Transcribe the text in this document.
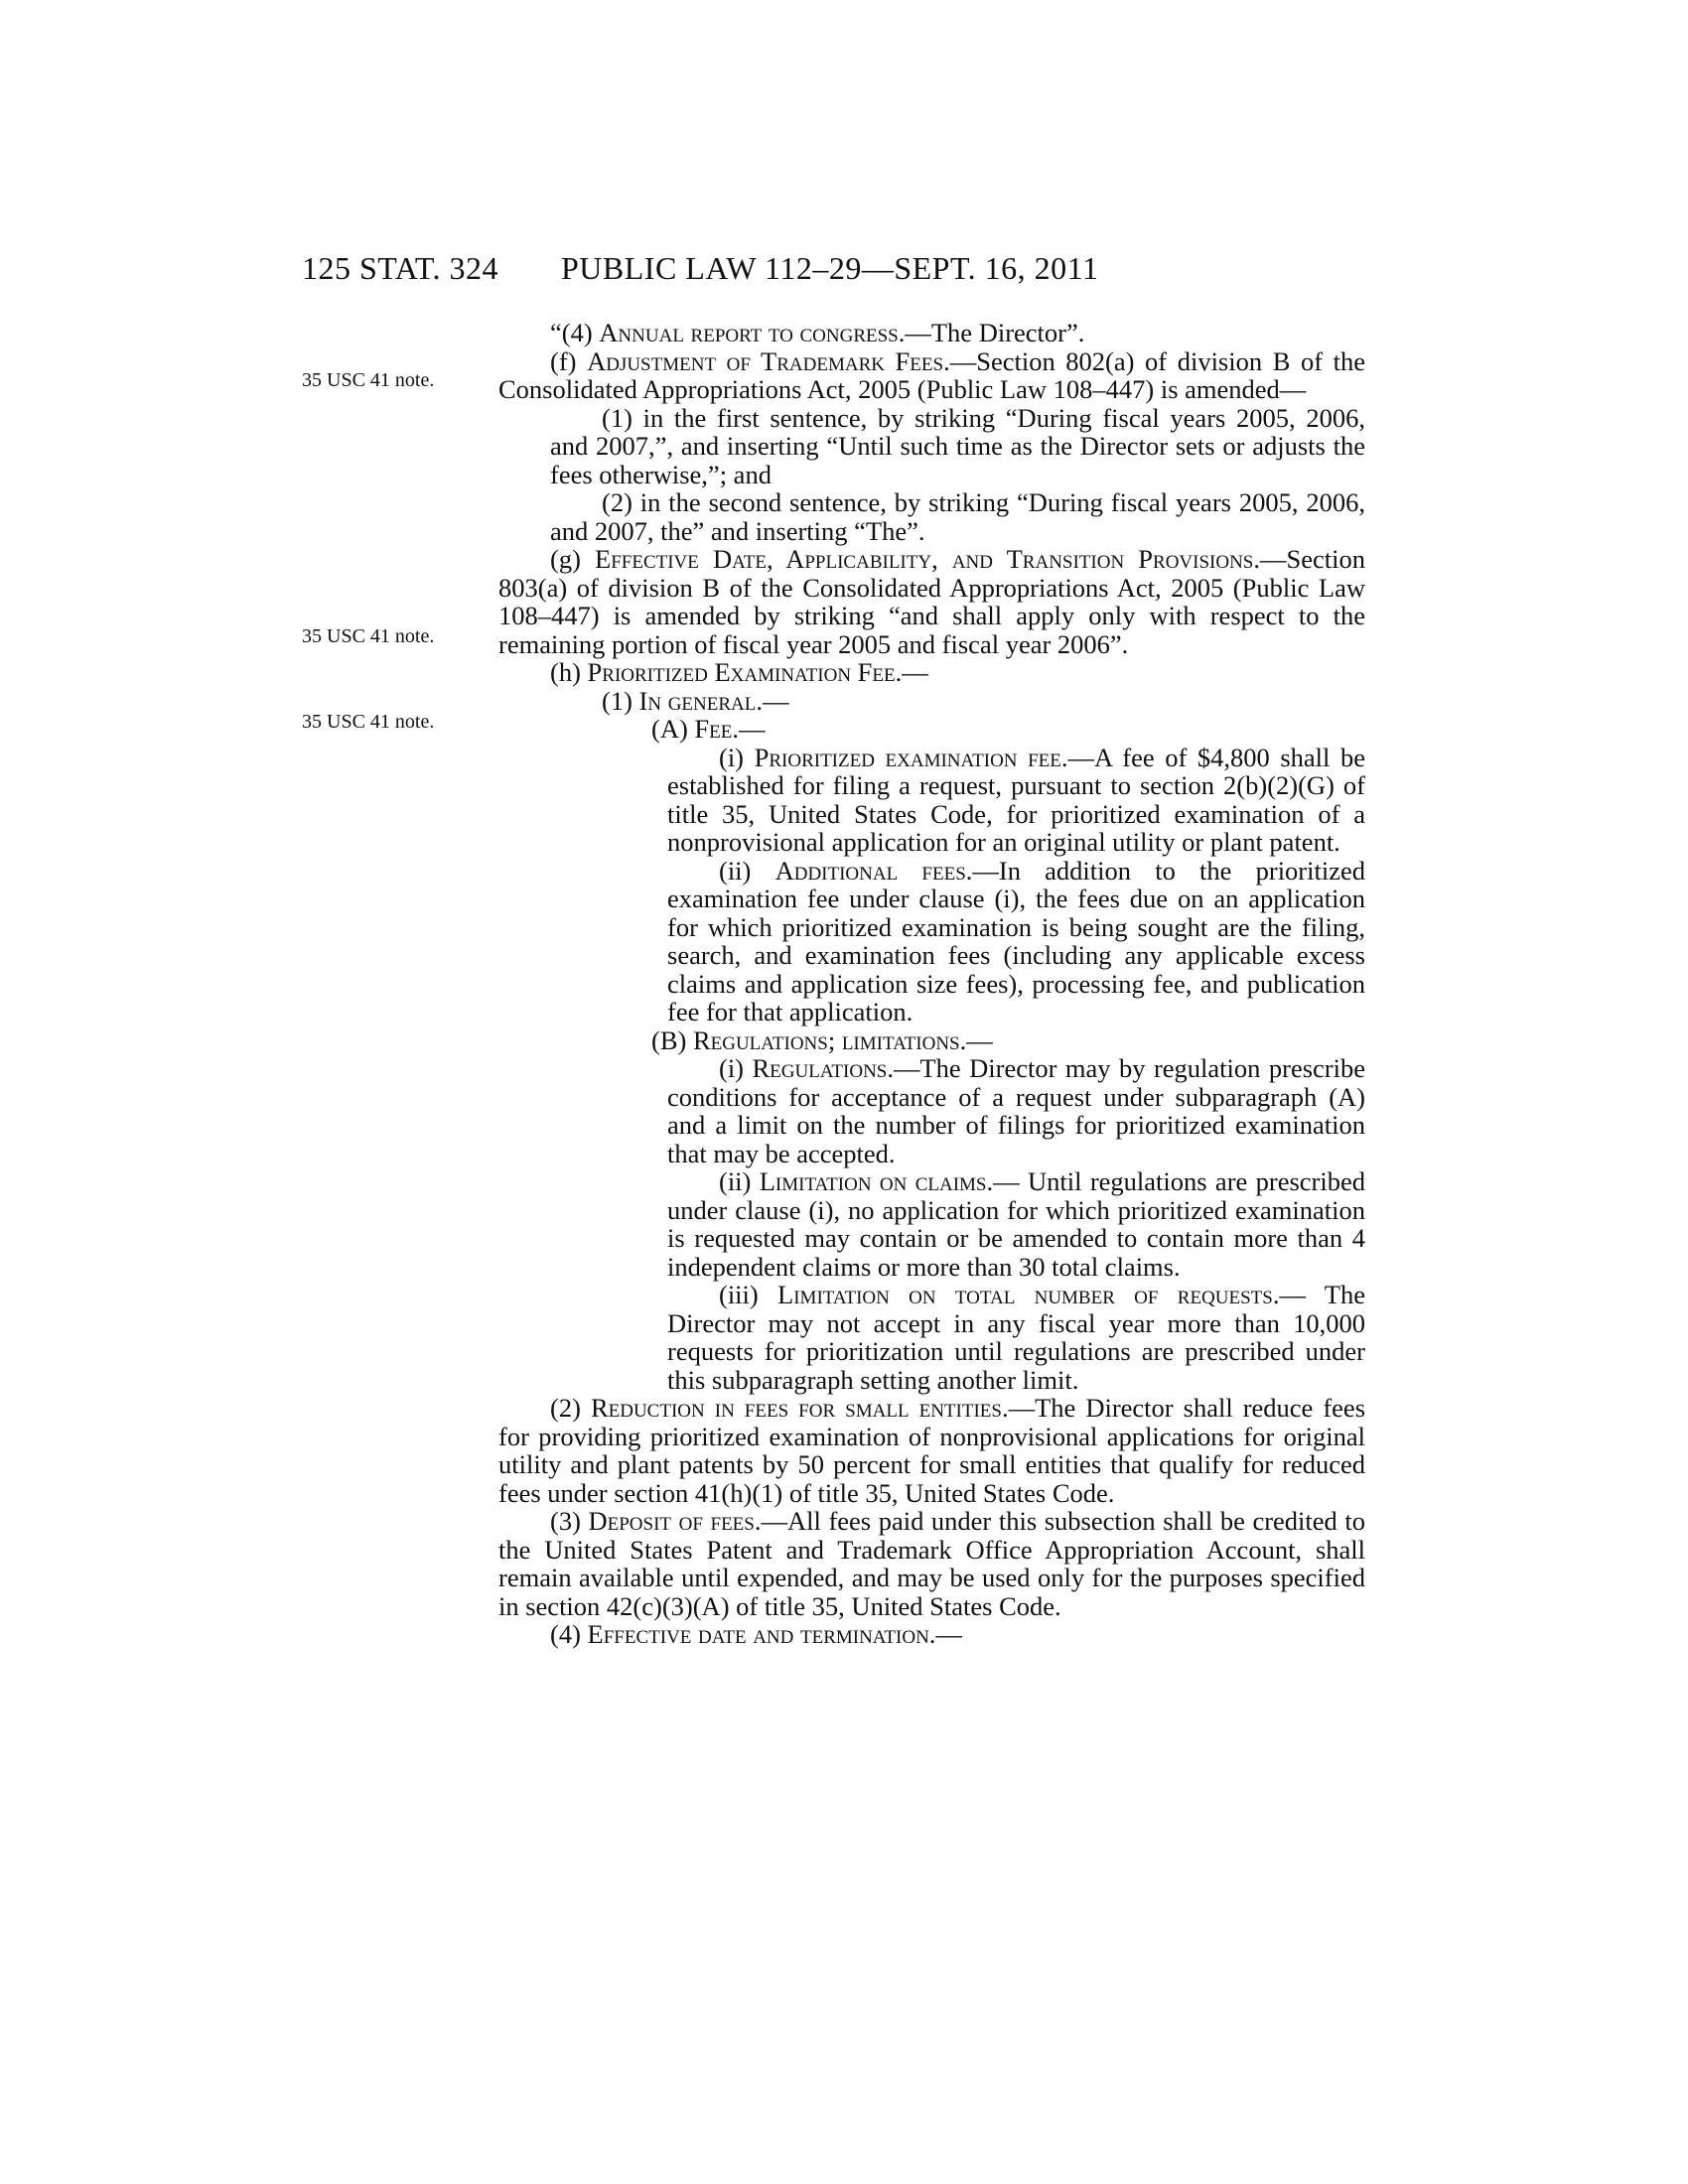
125 STAT. 324 PUBLIC LAW 112–29—SEPT. 16, 2011
35 USC 41 note.
35 USC 41 note.
35 USC 41 note.

“(4) Annual report to congress.—The Director”.

(f) Adjustment of Trademark Fees.—Section 802(a) of division B of the Consolidated Appropriations Act, 2005 (Public Law 108–447) is amended—

(1) in the first sentence, by striking “During fiscal years 2005, 2006, and 2007,”, and inserting “Until such time as the Director sets or adjusts the fees otherwise,”; and

(2) in the second sentence, by striking “During fiscal years 2005, 2006, and 2007, the” and inserting “The”.

(g) Effective Date, Applicability, and Transition Provisions.—Section 803(a) of division B of the Consolidated Appropriations Act, 2005 (Public Law 108–447) is amended by striking “and shall apply only with respect to the remaining portion of fiscal year 2005 and fiscal year 2006”.

(h) Prioritized Examination Fee.—

(1) In general.—

(A) Fee.—

(i) Prioritized examination fee.—A fee of $4,800 shall be established for filing a request, pursuant to section 2(b)(2)(G) of title 35, United States Code, for prioritized examination of a nonprovisional application for an original utility or plant patent.

(ii) Additional fees.—In addition to the prioritized examination fee under clause (i), the fees due on an application for which prioritized examination is being sought are the filing, search, and examination fees (including any applicable excess claims and application size fees), processing fee, and publication fee for that application.

(B) Regulations; limitations.—

(i) Regulations.—The Director may by regulation prescribe conditions for acceptance of a request under subparagraph (A) and a limit on the number of filings for prioritized examination that may be accepted.

(ii) Limitation on claims.— Until regulations are prescribed under clause (i), no application for which prioritized examination is requested may contain or be amended to contain more than 4 independent claims or more than 30 total claims.

(iii) Limitation on total number of requests.— The Director may not accept in any fiscal year more than 10,000 requests for prioritization until regulations are prescribed under this subparagraph setting another limit.

(2) Reduction in fees for small entities.—The Director shall reduce fees for providing prioritized examination of nonprovisional applications for original utility and plant patents by 50 percent for small entities that qualify for reduced fees under section 41(h)(1) of title 35, United States Code.

(3) Deposit of fees.—All fees paid under this subsection shall be credited to the United States Patent and Trademark Office Appropriation Account, shall remain available until expended, and may be used only for the purposes specified in section 42(c)(3)(A) of title 35, United States Code.

(4) Effective date and termination.—
